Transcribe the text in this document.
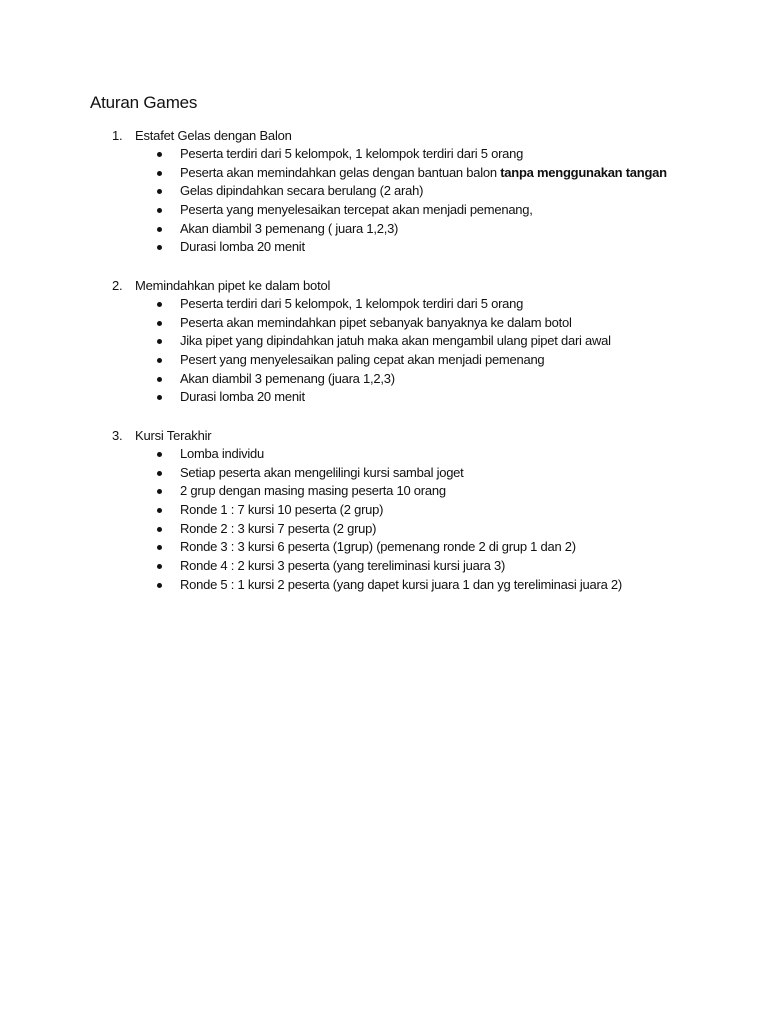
Aturan Games
1. Estafet Gelas dengan Balon
Peserta terdiri dari 5 kelompok, 1 kelompok terdiri dari 5 orang
Peserta akan memindahkan gelas dengan bantuan balon tanpa menggunakan tangan
Gelas dipindahkan secara berulang (2 arah)
Peserta yang menyelesaikan tercepat akan menjadi pemenang,
Akan diambil 3 pemenang ( juara 1,2,3)
Durasi lomba 20 menit
2. Memindahkan pipet ke dalam botol
Peserta terdiri dari 5 kelompok, 1 kelompok terdiri dari 5 orang
Peserta akan memindahkan pipet sebanyak banyaknya ke dalam botol
Jika pipet yang dipindahkan jatuh maka akan mengambil ulang pipet dari awal
Pesert yang menyelesaikan paling cepat akan menjadi pemenang
Akan diambil 3 pemenang (juara 1,2,3)
Durasi lomba 20 menit
3. Kursi Terakhir
Lomba individu
Setiap peserta akan mengelilingi kursi sambal joget
2 grup dengan masing masing peserta 10 orang
Ronde 1 : 7 kursi 10 peserta (2 grup)
Ronde 2 : 3 kursi 7 peserta (2 grup)
Ronde 3 : 3 kursi 6 peserta (1grup) (pemenang ronde 2 di grup 1 dan 2)
Ronde 4 : 2 kursi 3 peserta (yang tereliminasi kursi juara 3)
Ronde 5 : 1 kursi 2 peserta (yang dapet kursi juara 1 dan yg tereliminasi juara 2)
